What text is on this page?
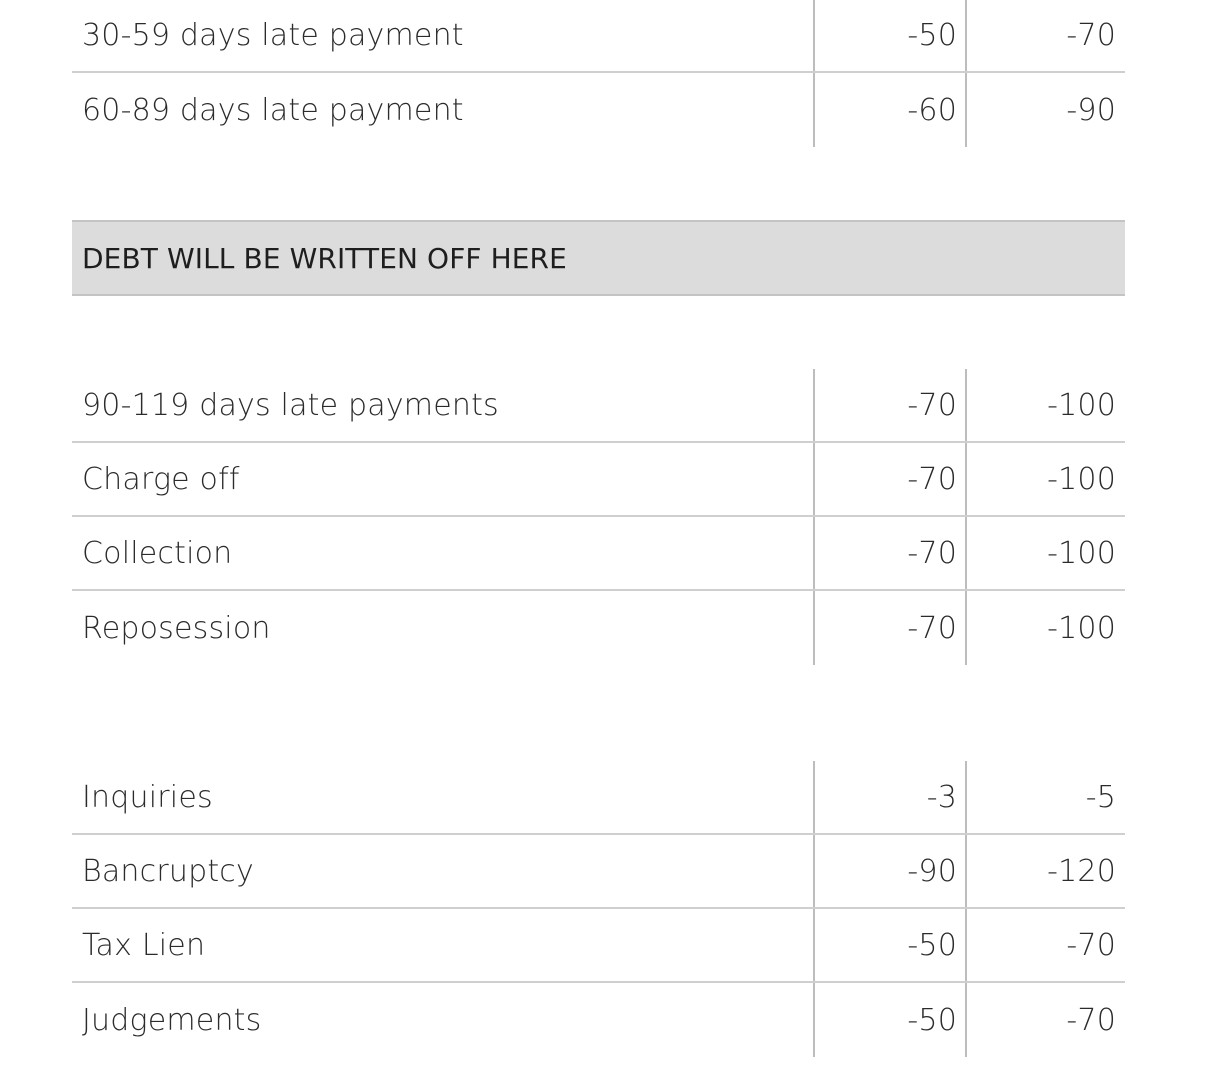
30-59 days late payment	-50	-70
60-89 days late payment	-60	-90
DEBT WILL BE WRITTEN OFF HERE
90-119 days late payments	-70	-100
Charge off	-70	-100
Collection	-70	-100
Reposession	-70	-100
Inquiries	-3	-5
Bancruptcy	-90	-120
Tax Lien	-50	-70
Judgements	-50	-70
